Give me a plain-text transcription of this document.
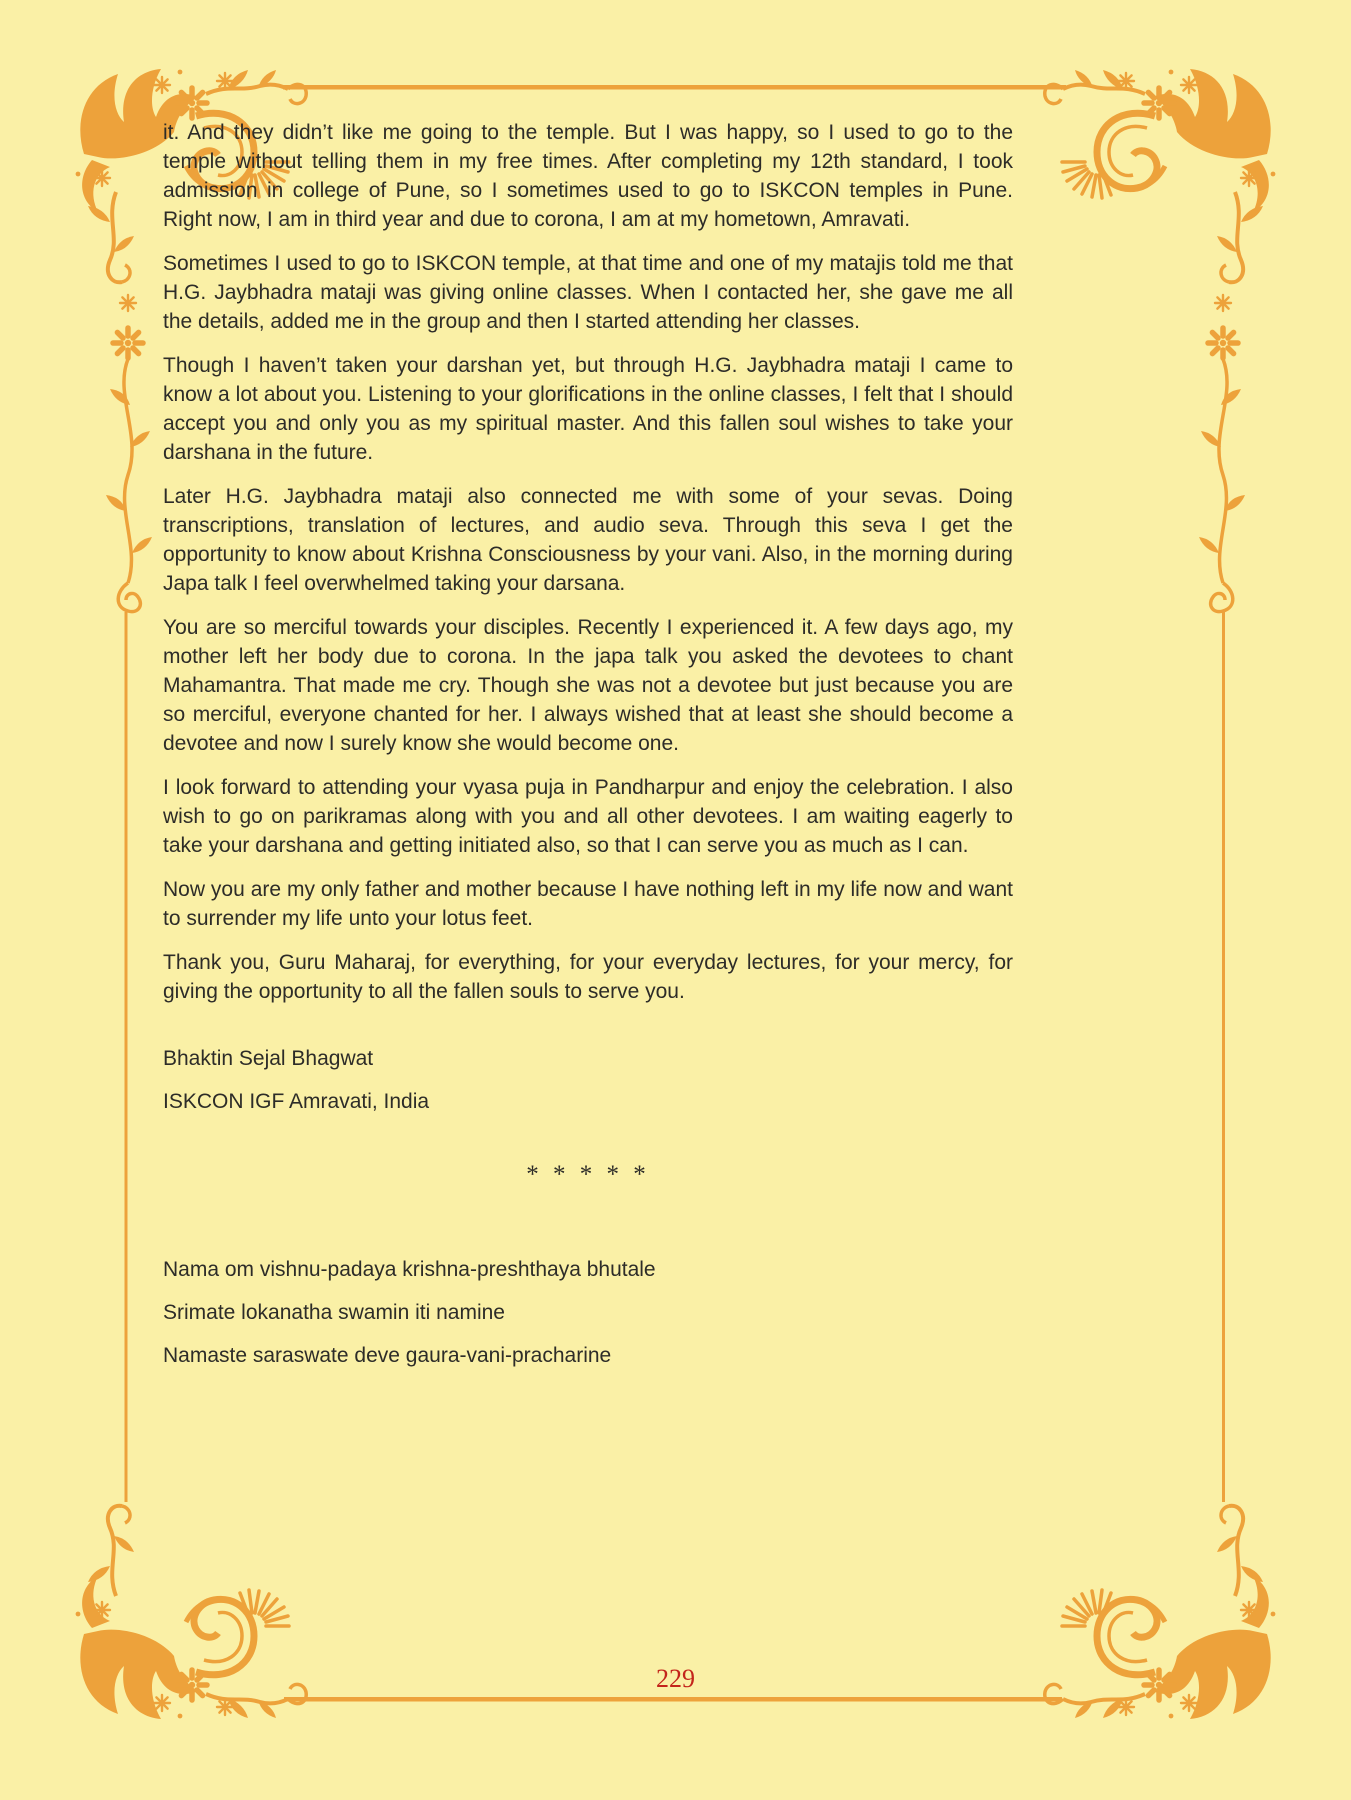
it. And they didn’t like me going to the temple. But I was happy, so I used to go to the temple without telling them in my free times. After completing my 12th standard, I took admission in college of Pune, so I sometimes used to go to ISKCON temples in Pune. Right now, I am in third year and due to corona, I am at my hometown, Amravati.

Sometimes I used to go to ISKCON temple, at that time and one of my matajis told me that H.G. Jaybhadra mataji was giving online classes. When I contacted her, she gave me all the details, added me in the group and then I started attending her classes.

Though I haven’t taken your darshan yet, but through H.G. Jaybhadra mataji I came to know a lot about you. Listening to your glorifications in the online classes, I felt that I should accept you and only you as my spiritual master. And this fallen soul wishes to take your darshana in the future.

Later H.G. Jaybhadra mataji also connected me with some of your sevas. Doing transcriptions, translation of lectures, and audio seva. Through this seva I get the opportunity to know about Krishna Consciousness by your vani. Also, in the morning during Japa talk I feel overwhelmed taking your darsana.

You are so merciful towards your disciples. Recently I experienced it. A few days ago, my mother left her body due to corona. In the japa talk you asked the devotees to chant Mahamantra. That made me cry. Though she was not a devotee but just because you are so merciful, everyone chanted for her. I always wished that at least she should become a devotee and now I surely know she would become one.

I look forward to attending your vyasa puja in Pandharpur and enjoy the celebration. I also wish to go on parikramas along with you and all other devotees. I am waiting eagerly to take your darshana and getting initiated also, so that I can serve you as much as I can.

Now you are my only father and mother because I have nothing left in my life now and want to surrender my life unto your lotus feet.

Thank you, Guru Maharaj, for everything, for your everyday lectures, for your mercy, for giving the opportunity to all the fallen souls to serve you.

Bhaktin Sejal Bhagwat

ISKCON IGF Amravati, India

* * * * *

Nama om vishnu-padaya krishna-preshthaya bhutale

Srimate lokanatha swamin iti namine

Namaste saraswate deve gaura-vani-pracharine

229
